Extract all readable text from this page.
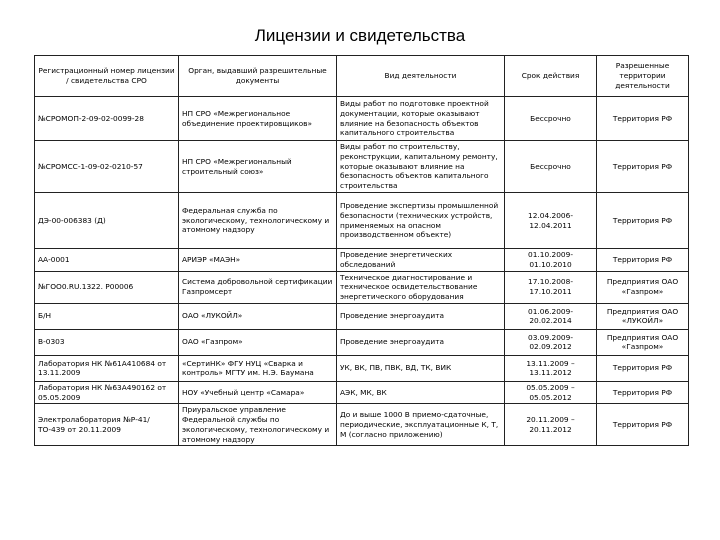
Лицензии и свидетельства
Регистрационный номер лицензии / свидетельства СРО	Орган, выдавший разрешительные документы	Вид деятельности	Срок действия	Разрешенные территории деятельности
№СРОМОП-2-09-02-0099-28	НП СРО «Межрегиональное объединение проектировщиков»	Виды работ по подготовке проектной документации, которые оказывают влияние на безопасность объектов капитального строительства	Бессрочно	Территория РФ
№СРОМСС-1-09-02-0210-57	НП СРО «Межрегиональный строительный союз»	Виды работ по строительству, реконструкции, капитальному ремонту, которые оказывают влияние на безопасность объектов капитального строительства	Бессрочно	Территория РФ
ДЭ-00-006383 (Д)	Федеральная служба по экологическому, технологическому и атомному надзору	Проведение экспертизы промышленной безопасности (технических устройств, применяемых на опасном производственном объекте)	12.04.2006-12.04.2011	Территория РФ
АА-0001	АРИЭР «МАЭН»	Проведение энергетических обследований	01.10.2009-01.10.2010	Территория РФ
№ГОО0.RU.1322. Р00006	Система добровольной сертификации Газпромсерт	Техническое диагностирование и техническое освидетельствование энергетического оборудования	17.10.2008-17.10.2011	Предприятия ОАО «Газпром»
Б/Н	ОАО «ЛУКОЙЛ»	Проведение энергоаудита	01.06.2009-20.02.2014	Предприятия ОАО «ЛУКОЙЛ»
В-0303	ОАО «Газпром»	Проведение энергоаудита	03.09.2009-02.09.2012	Предприятия ОАО «Газпром»
Лаборатория НК №61А410684 от 13.11.2009	«СертиНК» ФГУ НУЦ «Сварка и контроль» МГТУ им. Н.Э. Баумана	УК, ВК, ПВ, ПВК, ВД, ТК, ВИК	13.11.2009 – 13.11.2012	Территория РФ
Лаборатория НК №63А490162 от 05.05.2009	НОУ «Учебный центр «Самара»	АЭК, МК, ВК	05.05.2009 – 05.05.2012	Территория РФ
Электролаборатория №Р-41/ТО-439 от 20.11.2009	Приуральское управление Федеральной службы по экологическому, технологическому и атомному надзору	До и выше 1000 В приемо-сдаточные, периодические, эксплуатационные К, Т, М (согласно приложению)	20.11.2009 – 20.11.2012	Территория РФ
